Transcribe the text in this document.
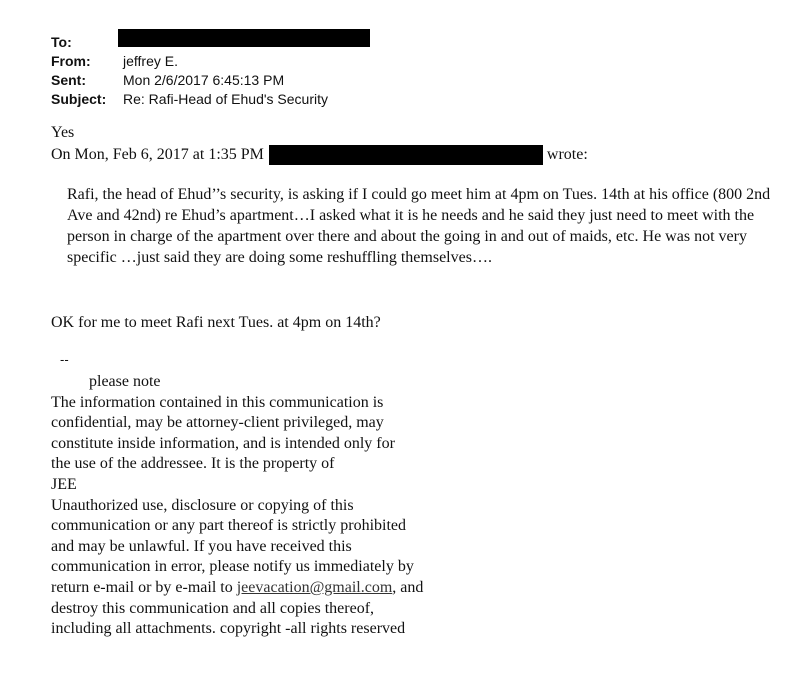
To:
From:	jeffrey E.
Sent:	Mon 2/6/2017 6:45:13 PM
Subject:	Re: Rafi-Head of Ehud's Security
Yes
On Mon, Feb 6, 2017 at 1:35 PM	wrote:

Rafi, the head of Ehud’’s security, is asking if I could go meet him at 4pm on Tues. 14th at his office (800 2nd Ave and 42nd) re Ehud’s apartment…I asked what it is he needs and he said they just need to meet with the person in charge of the apartment over there and about the going in and out of maids, etc. He was not very specific …just said they are doing some reshuffling themselves….

OK for me to meet Rafi next Tues. at 4pm on 14th?
--
please note
The information contained in this communication is
confidential, may be attorney-client privileged, may
constitute inside information, and is intended only for
the use of the addressee. It is the property of
JEE
Unauthorized use, disclosure or copying of this
communication or any part thereof is strictly prohibited
and may be unlawful. If you have received this
communication in error, please notify us immediately by
return e-mail or by e-mail to jeevacation@gmail.com, and
destroy this communication and all copies thereof,
including all attachments. copyright -all rights reserved
